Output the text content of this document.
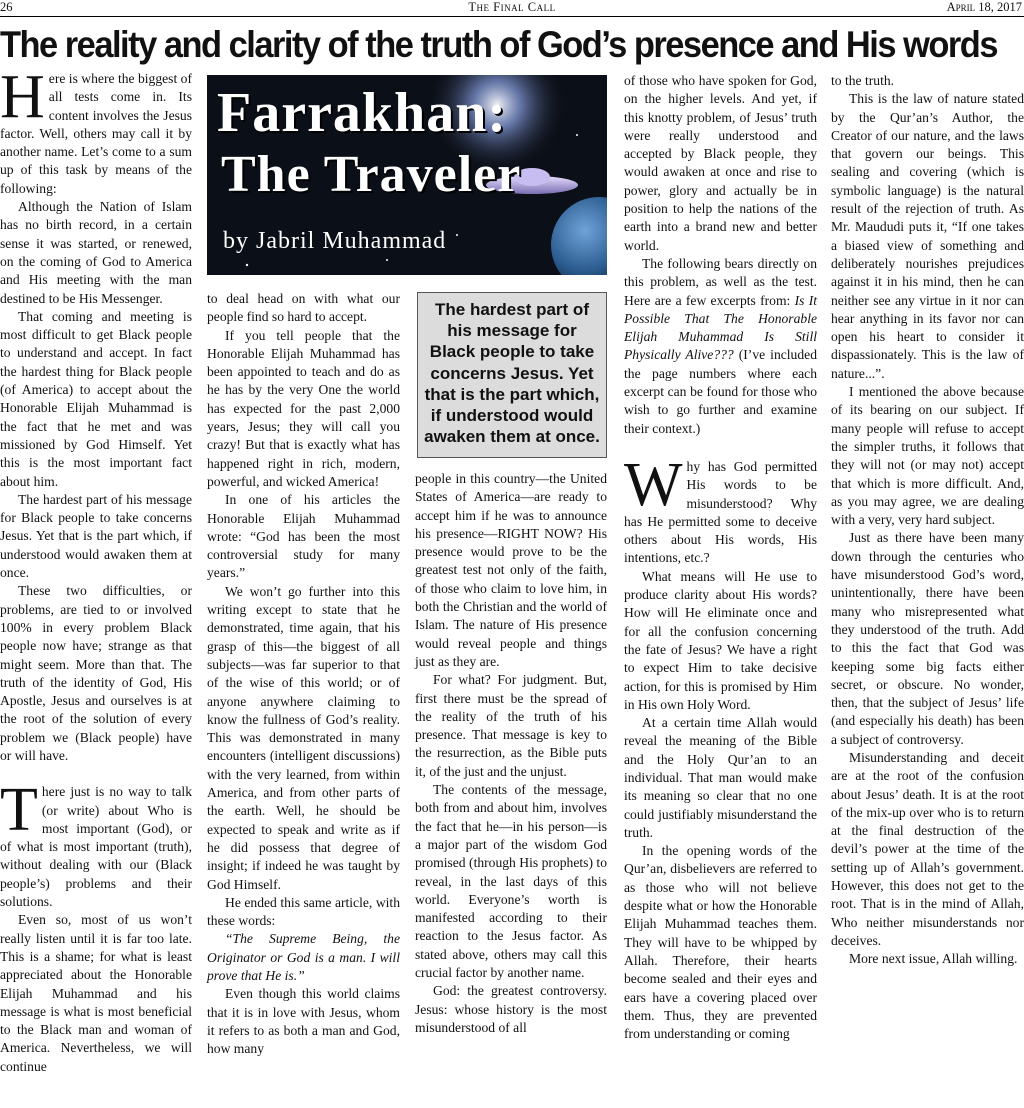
26	The Final Call	April 18, 2017
The reality and clarity of the truth of God’s presence and His words

Here is where the biggest of all tests come in. Its content involves the Jesus factor. Well, others may call it by another name. Let’s come to a sum up of this task by means of the following:

Although the Nation of Islam has no birth record, in a certain sense it was started, or renewed, on the coming of God to America and His meeting with the man destined to be His Messenger.

That coming and meeting is most difficult to get Black people to understand and accept. In fact the hardest thing for Black people (of America) to accept about the Honorable Elijah Muhammad is the fact that he met and was missioned by God Himself. Yet this is the most important fact about him.

The hardest part of his message for Black people to take concerns Jesus. Yet that is the part which, if understood would awaken them at once.

These two difficulties, or problems, are tied to or involved 100% in every problem Black people now have; strange as that might seem. More than that. The truth of the identity of God, His Apostle, Jesus and ourselves is at the root of the solution of every problem we (Black people) have or will have.

There just is no way to talk (or write) about Who is most important (God), or of what is most important (truth), without dealing with our (Black people’s) problems and their solutions.

Even so, most of us won’t really listen until it is far too late. This is a shame; for what is least appreciated about the Honorable Elijah Muhammad and his message is what is most beneficial to the Black man and woman of America. Nevertheless, we will continue

Farrakhan:
The Traveler
by Jabril Muhammad
The hardest part of his message for Black people to take concerns Jesus. Yet that is the part which, if understood would awaken them at once.

to deal head on with what our people find so hard to accept.

If you tell people that the Honorable Elijah Muhammad has been appointed to teach and do as he has by the very One the world has expected for the past 2,000 years, Jesus; they will call you crazy! But that is exactly what has happened right in rich, modern, powerful, and wicked America!

In one of his articles the Honorable Elijah Muhammad wrote: “God has been the most controversial study for many years.”

We won’t go further into this writing except to state that he demonstrated, time again, that his grasp of this—the biggest of all subjects—was far superior to that of the wise of this world; or of anyone anywhere claiming to know the fullness of God’s reality. This was demonstrated in many encounters (intelligent discussions) with the very learned, from within America, and from other parts of the earth. Well, he should be expected to speak and write as if he did possess that degree of insight; if indeed he was taught by God Himself.

He ended this same article, with these words:

“The Supreme Being, the Originator or God is a man. I will prove that He is.”

Even though this world claims that it is in love with Jesus, whom it refers to as both a man and God, how many

people in this country—the United States of America—are ready to accept him if he was to announce his presence—RIGHT NOW? His presence would prove to be the greatest test not only of the faith, of those who claim to love him, in both the Christian and the world of Islam. The nature of His presence would reveal people and things just as they are.

For what? For judgment. But, first there must be the spread of the reality of the truth of his presence. That message is key to the resurrection, as the Bible puts it, of the just and the unjust.

The contents of the message, both from and about him, involves the fact that he—in his person—is a major part of the wisdom God promised (through His prophets) to reveal, in the last days of this world. Everyone’s worth is manifested according to their reaction to the Jesus factor. As stated above, others may call this crucial factor by another name.

God: the greatest controversy. Jesus: whose history is the most misunderstood of all

of those who have spoken for God, on the higher levels. And yet, if this knotty problem, of Jesus’ truth were really understood and accepted by Black people, they would awaken at once and rise to power, glory and actually be in position to help the nations of the earth into a brand new and better world.

The following bears directly on this problem, as well as the test. Here are a few excerpts from: Is It Possible That The Honorable Elijah Muhammad Is Still Physically Alive??? (I’ve included the page numbers where each excerpt can be found for those who wish to go further and examine their context.)

Why has God permitted His words to be misunderstood? Why has He permitted some to deceive others about His words, His intentions, etc.?

What means will He use to produce clarity about His words? How will He eliminate once and for all the confusion concerning the fate of Jesus? We have a right to expect Him to take decisive action, for this is promised by Him in His own Holy Word.

At a certain time Allah would reveal the meaning of the Bible and the Holy Qur’an to an individual. That man would make its meaning so clear that no one could justifiably misunderstand the truth.

In the opening words of the Qur’an, disbelievers are referred to as those who will not believe despite what or how the Honorable Elijah Muhammad teaches them. They will have to be whipped by Allah. Therefore, their hearts become sealed and their eyes and ears have a covering placed over them. Thus, they are prevented from understanding or coming

to the truth.

This is the law of nature stated by the Qur’an’s Author, the Creator of our nature, and the laws that govern our beings. This sealing and covering (which is symbolic language) is the natural result of the rejection of truth. As Mr. Maududi puts it, “If one takes a biased view of something and deliberately nourishes prejudices against it in his mind, then he can neither see any virtue in it nor can hear anything in its favor nor can open his heart to consider it dispassionately. This is the law of nature...”.

I mentioned the above because of its bearing on our subject. If many people will refuse to accept the simpler truths, it follows that they will not (or may not) accept that which is more difficult. And, as you may agree, we are dealing with a very, very hard subject.

Just as there have been many down through the centuries who have misunderstood God’s word, unintentionally, there have been many who misrepresented what they understood of the truth. Add to this the fact that God was keeping some big facts either secret, or obscure. No wonder, then, that the subject of Jesus’ life (and especially his death) has been a subject of controversy.

Misunderstanding and deceit are at the root of the confusion about Jesus’ death. It is at the root of the mix-up over who is to return at the final destruction of the devil’s power at the time of the setting up of Allah’s government. However, this does not get to the root. That is in the mind of Allah, Who neither misunderstands nor deceives.

More next issue, Allah willing.
